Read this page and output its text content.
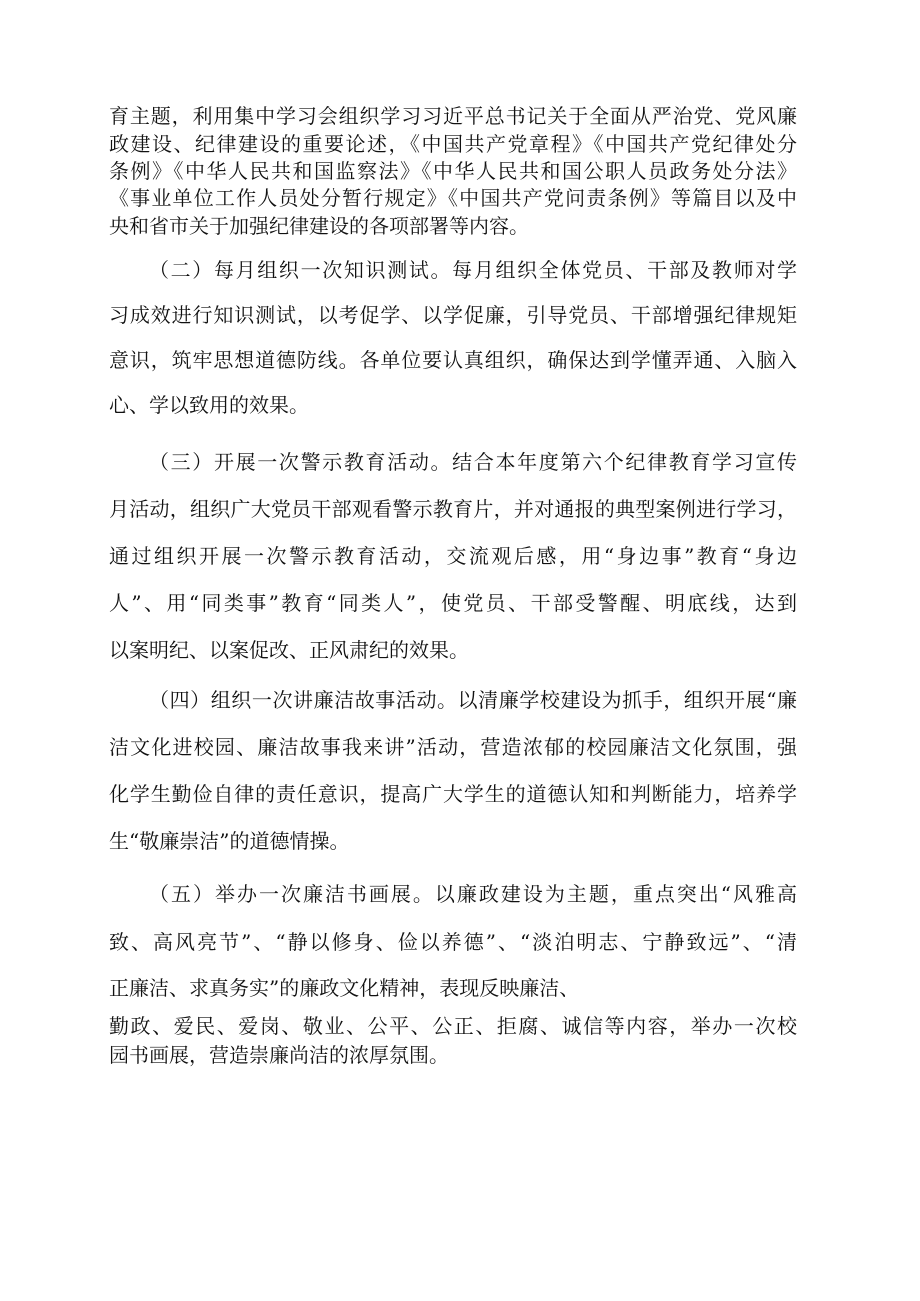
育主题，利用集中学习会组织学习习近平总书记关于全面从严治党、党风廉
政建设、纪律建设的重要论述，《中国共产党章程》《中国共产党纪律处分
条例》《中华人民共和国监察法》《中华人民共和国公职人员政务处分法》
《事业单位工作人员处分暂行规定》《中国共产党问责条例》等篇目以及中
央和省市关于加强纪律建设的各项部署等内容。
（二）每月组织一次知识测试。每月组织全体党员、干部及教师对学
习成效进行知识测试，以考促学、以学促廉，引导党员、干部增强纪律规矩
意识，筑牢思想道德防线。各单位要认真组织，确保达到学懂弄通、入脑入
心、学以致用的效果。
（三）开展一次警示教育活动。结合本年度第六个纪律教育学习宣传
月活动，组织广大党员干部观看警示教育片，并对通报的典型案例进行学习，
通过组织开展一次警示教育活动，交流观后感，用“身边事”教育“身边
人”、用“同类事”教育“同类人”，使党员、干部受警醒、明底线，达到
以案明纪、以案促改、正风肃纪的效果。
（四）组织一次讲廉洁故事活动。以清廉学校建设为抓手，组织开展“廉
洁文化进校园、廉洁故事我来讲”活动，营造浓郁的校园廉洁文化氛围，强
化学生勤俭自律的责任意识，提高广大学生的道德认知和判断能力，培养学
生“敬廉崇洁”的道德情操。
（五）举办一次廉洁书画展。以廉政建设为主题，重点突出“风雅高
致、高风亮节”、“静以修身、俭以养德”、“淡泊明志、宁静致远”、“清
正廉洁、求真务实”的廉政文化精神，表现反映廉洁、
勤政、爱民、爱岗、敬业、公平、公正、拒腐、诚信等内容，举办一次校
园书画展，营造崇廉尚洁的浓厚氛围。
